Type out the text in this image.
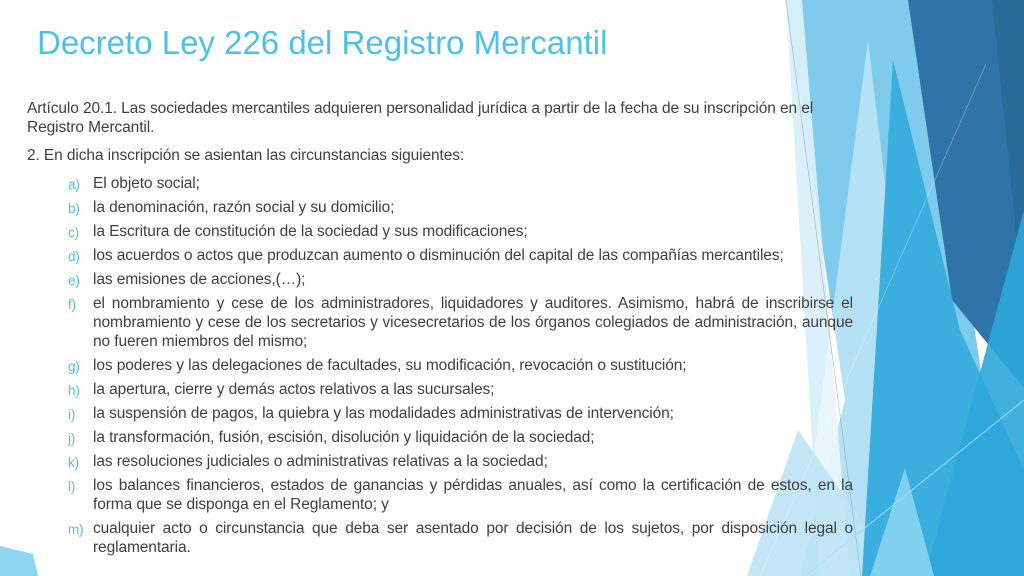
Decreto Ley 226 del Registro Mercantil

Artículo 20.1. Las sociedades mercantiles adquieren personalidad jurídica a partir de la fecha de su inscripción en el Registro Mercantil.

2. En dicha inscripción se asientan las circunstancias siguientes:

a) El objeto social;
b) la denominación, razón social y su domicilio;
c) la Escritura de constitución de la sociedad y sus modificaciones;
d) los acuerdos o actos que produzcan aumento o disminución del capital de las compañías mercantiles;
e) las emisiones de acciones,(…);
f) el nombramiento y cese de los administradores, liquidadores y auditores. Asimismo, habrá de inscribirse el nombramiento y cese de los secretarios y vicesecretarios de los órganos colegiados de administración, aunque no fueren miembros del mismo;
g) los poderes y las delegaciones de facultades, su modificación, revocación o sustitución;
h) la apertura, cierre y demás actos relativos a las sucursales;
i) la suspensión de pagos, la quiebra y las modalidades administrativas de intervención;
j) la transformación, fusión, escisión, disolución y liquidación de la sociedad;
k) las resoluciones judiciales o administrativas relativas a la sociedad;
l) los balances financieros, estados de ganancias y pérdidas anuales, así como la certificación de estos, en la forma que se disponga en el Reglamento; y
m) cualquier acto o circunstancia que deba ser asentado por decisión de los sujetos, por disposición legal o reglamentaria.
